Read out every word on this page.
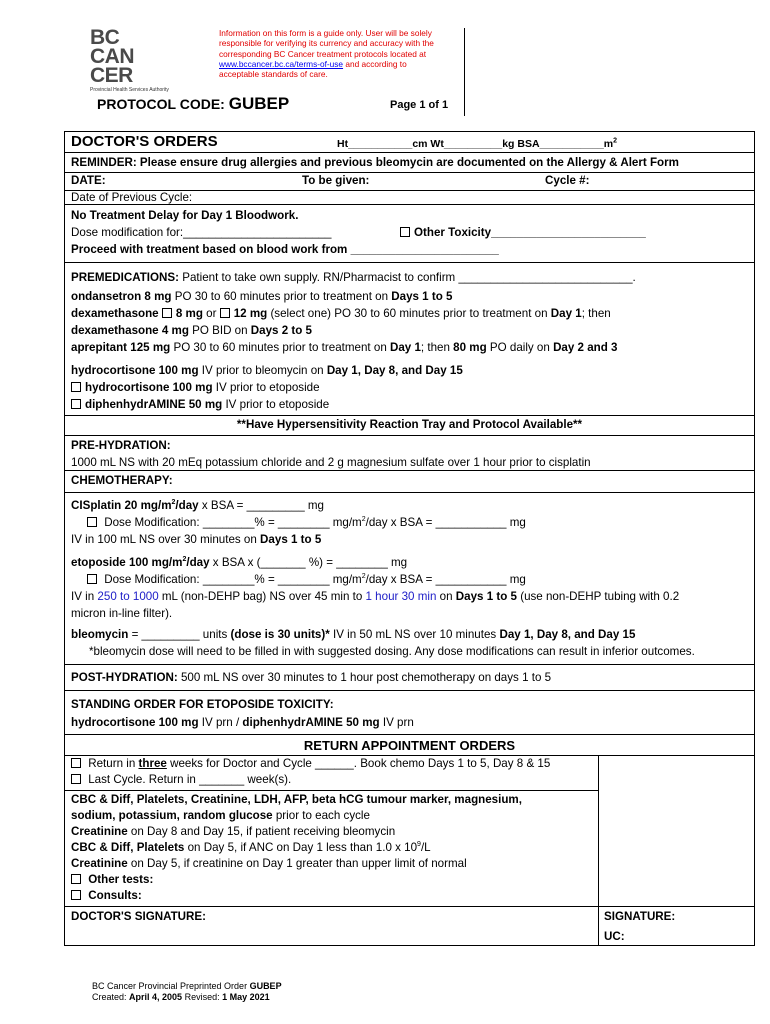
BC
CAN
CER
Provincial Health Services Authority
Information on this form is a guide only. User will be solely responsible for verifying its currency and accuracy with the corresponding BC Cancer treatment protocols located at www.bccancer.bc.ca/terms-of-use and according to acceptable standards of care.
PROTOCOL CODE: GUBEP	Page 1 of 1
DOCTOR'S ORDERS	Ht___________cm Wt__________kg $BSA\_\_\_\_\_\_\_\_\_\_\_m^2$
REMINDER: Please ensure drug allergies and previous bleomycin are documented on the Allergy & Alert Form
DATE:	To be given:	Cycle #:
Date of Previous Cycle:
No Treatment Delay for Day 1 Bloodwork.
Dose modification for:_______________________	Other Toxicity________________________
Proceed with treatment based on blood work from _______________________
PREMEDICATIONS: Patient to take own supply. RN/Pharmacist to confirm ___________________________.
ondansetron 8 mg PO 30 to 60 minutes prior to treatment on Days 1 to 5
dexamethasone 8 mg or 12 mg (select one) PO 30 to 60 minutes prior to treatment on Day 1; then
dexamethasone 4 mg PO BID on Days 2 to 5
aprepitant 125 mg PO 30 to 60 minutes prior to treatment on Day 1; then 80 mg PO daily on Day 2 and 3
hydrocortisone 100 mg IV prior to bleomycin on Day 1, Day 8, and Day 15
hydrocortisone 100 mg IV prior to etoposide
diphenhydrAMINE 50 mg IV prior to etoposide
**Have Hypersensitivity Reaction Tray and Protocol Available**
PRE-HYDRATION:
1000 mL NS with 20 mEq potassium chloride and 2 g magnesium sulfate over 1 hour prior to cisplatin
CHEMOTHERAPY:
CISplatin 20 $mg/m^2$/day x BSA = _________ mg
Dose Modification: ________% = ________ $mg/m^2$/day x BSA = ___________ mg
IV in 100 mL NS over 30 minutes on Days 1 to 5
etoposide 100 $mg/m^2$/day x BSA x (_______ %) = ________ mg
Dose Modification: ________% = ________ $mg/m^2$/day x BSA = ___________ mg
IV in 250 to 1000 mL (non-DEHP bag) NS over 45 min to 1 hour 30 min on Days 1 to 5 (use non-DEHP tubing with 0.2
micron in-line filter).
bleomycin = _________ units (dose is 30 units)* IV in 50 mL NS over 10 minutes Day 1, Day 8, and Day 15
*bleomycin dose will need to be filled in with suggested dosing. Any dose modifications can result in inferior outcomes.
POST-HYDRATION: 500 mL NS over 30 minutes to 1 hour post chemotherapy on days 1 to 5
STANDING ORDER FOR ETOPOSIDE TOXICITY:
hydrocortisone 100 mg IV prn / diphenhydrAMINE 50 mg IV prn
RETURN APPOINTMENT ORDERS
Return in three weeks for Doctor and Cycle ______. Book chemo Days 1 to 5, Day 8 & 15
Last Cycle. Return in _______ week(s).
CBC & Diff, Platelets, Creatinine, LDH, AFP, beta hCG tumour marker, magnesium,
sodium, potassium, random glucose prior to each cycle
Creatinine on Day 8 and Day 15, if patient receiving bleomycin
CBC & Diff, Platelets on Day 5, if ANC on Day 1 less than 1.0 x $10^9/L$
Creatinine on Day 5, if creatinine on Day 1 greater than upper limit of normal
Other tests:
Consults:
DOCTOR'S SIGNATURE:	SIGNATURE:
UC:
BC Cancer Provincial Preprinted Order GUBEP
Created: April 4, 2005 Revised: 1 May 2021
